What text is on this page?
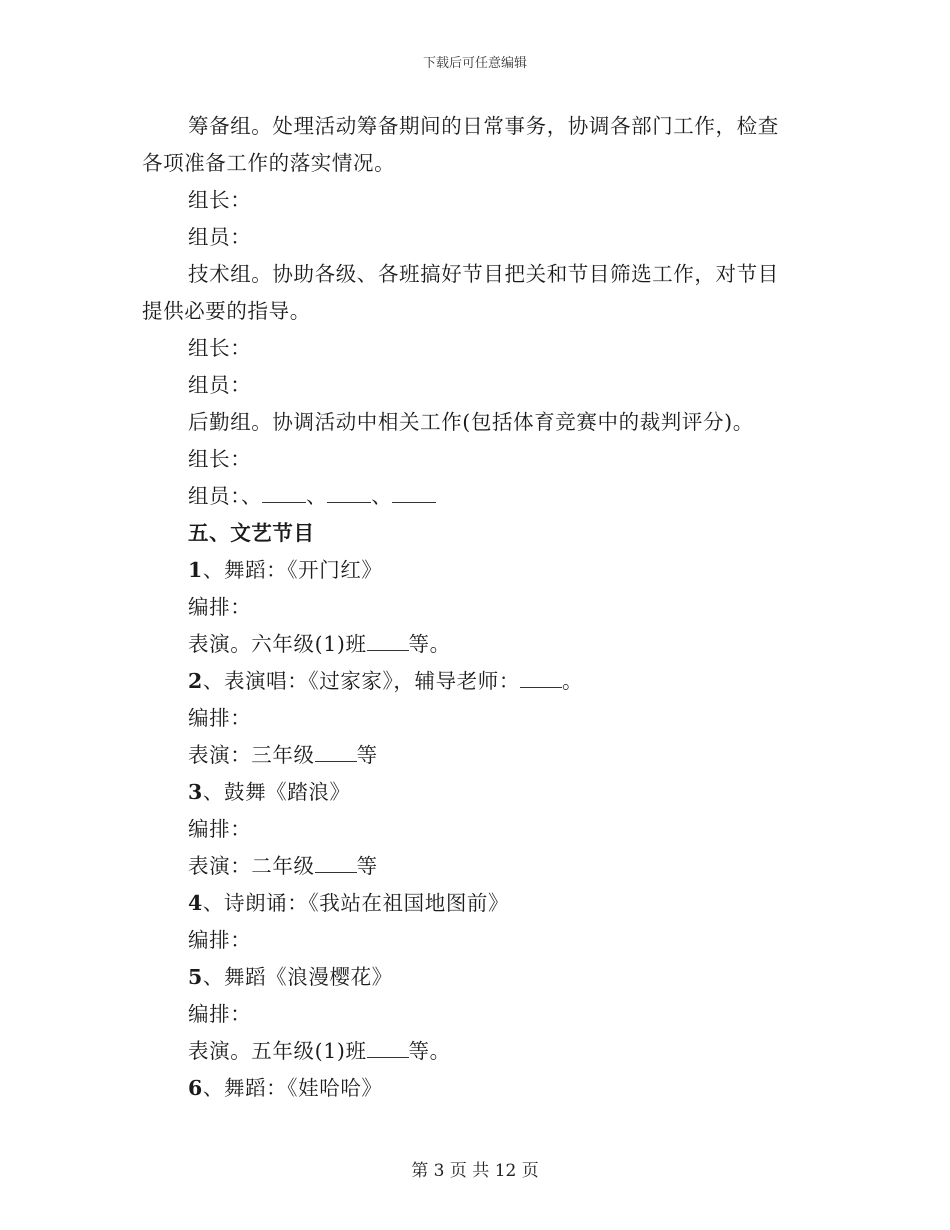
下载后可任意编辑
筹备组。处理活动筹备期间的日常事务，协调各部门工作，检查
各项准备工作的落实情况。
组长：
组员：
技术组。协助各级、各班搞好节目把关和节目筛选工作，对节目
提供必要的指导。
组长：
组员：
后勤组。协调活动中相关工作(包括体育竞赛中的裁判评分)。
组长：
组员：、 、 、
五、文艺节目
1、舞蹈：《开门红》
编排：
表演。六年级(1)班 等。
2、表演唱：《过家家》，辅导老师： 。
编排：
表演：三年级 等
3、鼓舞《踏浪》
编排：
表演：二年级 等
4、诗朗诵：《我站在祖国地图前》
编排：
5、舞蹈《浪漫樱花》
编排：
表演。五年级(1)班 等。
6、舞蹈：《娃哈哈》
第 3 页 共 12 页
